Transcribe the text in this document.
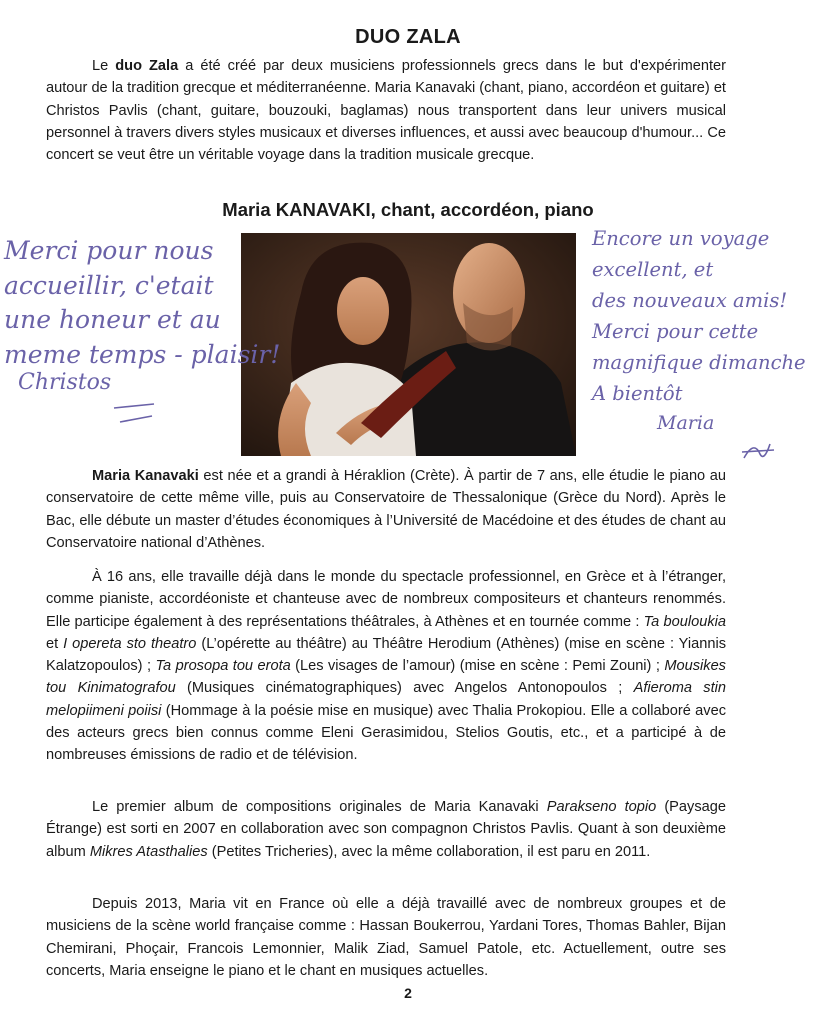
DUO ZALA

Le duo Zala a été créé par deux musiciens professionnels grecs dans le but d'expérimenter autour de la tradition grecque et méditerranéenne. Maria Kanavaki (chant, piano, accordéon et guitare) et Christos Pavlis (chant, guitare, bouzouki, baglamas) nous transportent dans leur univers musical personnel à travers divers styles musicaux et diverses influences, et aussi avec beaucoup d'humour... Ce concert se veut être un véritable voyage dans la tradition musicale grecque.

Maria KANAVAKI, chant, accordéon, piano
Merci pour nous
accueillir, c'etait
une honeur et au
meme temps - plaisir!
Christos
Encore un voyage
excellent, et
des nouveaux amis!
Merci pour cette
magnifique dimanche
A bientôt
Maria

Maria Kanavaki est née et a grandi à Héraklion (Crète). À partir de 7 ans, elle étudie le piano au conservatoire de cette même ville, puis au Conservatoire de Thessalonique (Grèce du Nord). Après le Bac, elle débute un master d’études économiques à l’Université de Macédoine et des études de chant au Conservatoire national d’Athènes.

À 16 ans, elle travaille déjà dans le monde du spectacle professionnel, en Grèce et à l’étranger, comme pianiste, accordéoniste et chanteuse avec de nombreux compositeurs et chanteurs renommés. Elle participe également à des représentations théâtrales, à Athènes et en tournée comme : Ta bouloukia et I opereta sto theatro (L’opérette au théâtre) au Théâtre Herodium (Athènes) (mise en scène : Yiannis Kalatzopoulos) ; Ta prosopa tou erota (Les visages de l’amour) (mise en scène : Pemi Zouni) ; Mousikes tou Kinimatografou (Musiques cinématographiques) avec Angelos Antonopoulos ; Afieroma stin melopiimeni poiisi (Hommage à la poésie mise en musique) avec Thalia Prokopiou. Elle a collaboré avec des acteurs grecs bien connus comme Eleni Gerasimidou, Stelios Goutis, etc., et a participé à de nombreuses émissions de radio et de télévision.

Le premier album de compositions originales de Maria Kanavaki Parakseno topio (Paysage Étrange) est sorti en 2007 en collaboration avec son compagnon Christos Pavlis. Quant à son deuxième album Mikres Atasthalies (Petites Tricheries), avec la même collaboration, il est paru en 2011.

Depuis 2013, Maria vit en France où elle a déjà travaillé avec de nombreux groupes et de musiciens de la scène world française comme : Hassan Boukerrou, Yardani Tores, Thomas Bahler, Bijan Chemirani, Phoçair, Francois Lemonnier, Malik Ziad, Samuel Patole, etc. Actuellement, outre ses concerts, Maria enseigne le piano et le chant en musiques actuelles.

2
